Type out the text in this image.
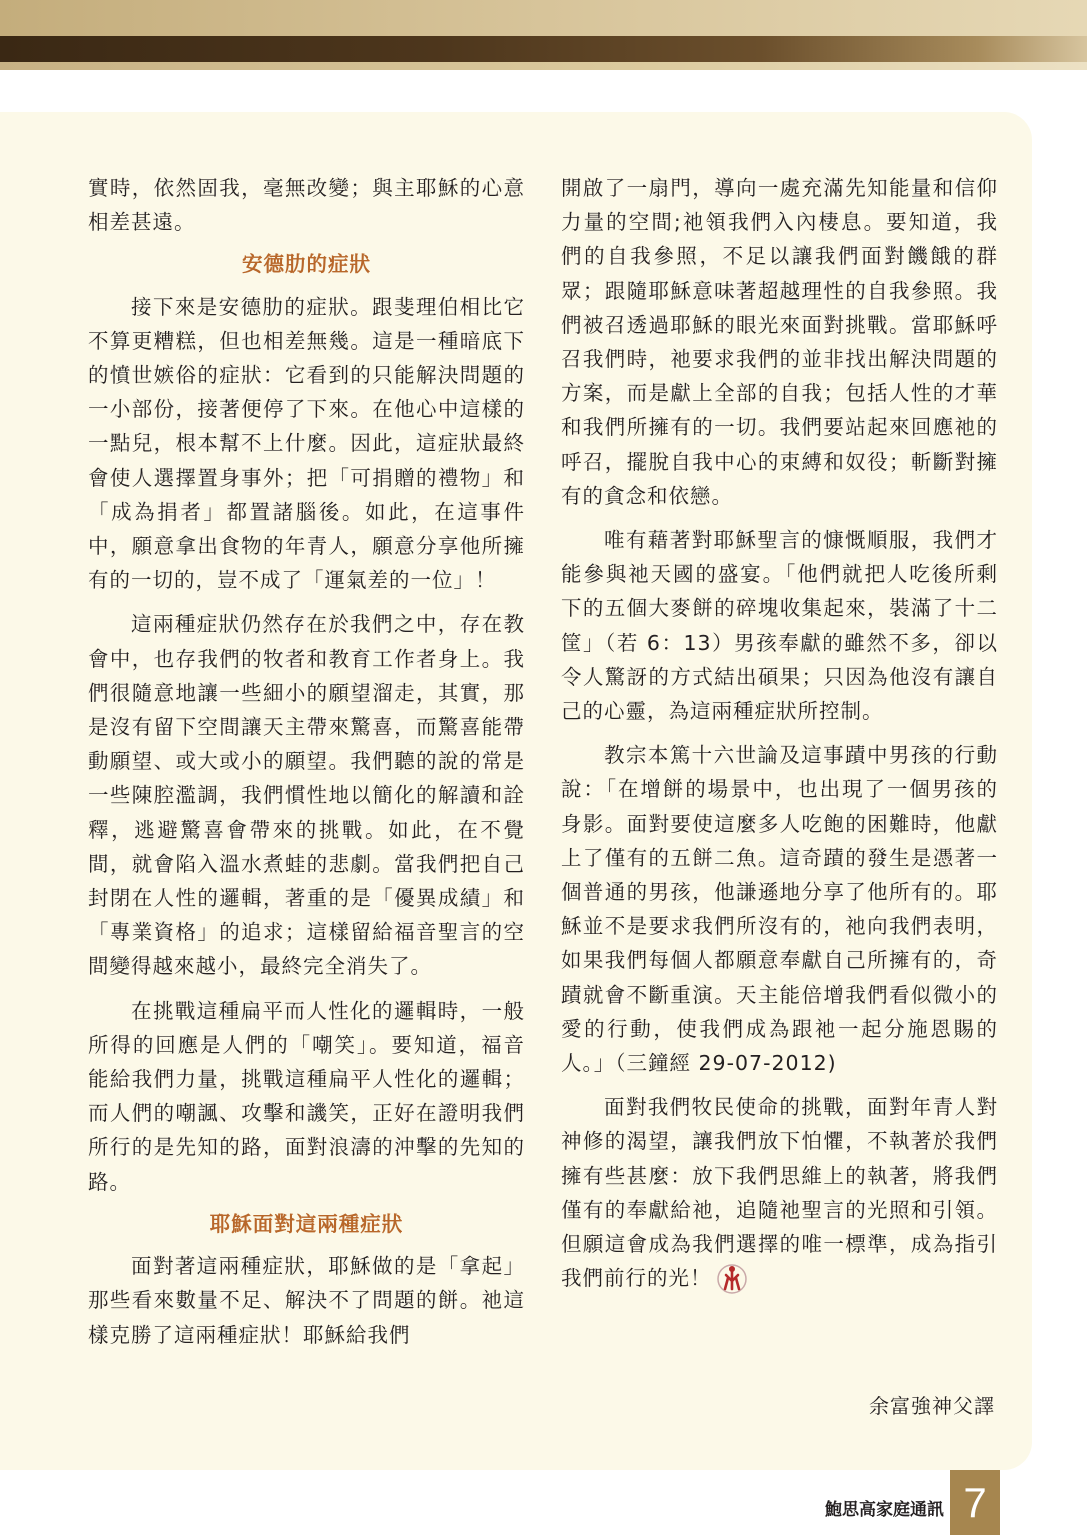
實時，依然固我，毫無改變；與主耶穌的心意相差甚遠。

安德肋的症狀

接下來是安德肋的症狀。跟斐理伯相比它不算更糟糕，但也相差無幾。這是一種暗底下的憤世嫉俗的症狀：它看到的只能解決問題的一小部份，接著便停了下來。在他心中這樣的一點兒，根本幫不上什麼。因此，這症狀最終會使人選擇置身事外；把「可捐贈的禮物」和「成為捐者」都置諸腦後。如此，在這事件中，願意拿出食物的年青人，願意分享他所擁有的一切的，豈不成了「運氣差的一位」！

這兩種症狀仍然存在於我們之中，存在教會中，也存我們的牧者和教育工作者身上。我們很隨意地讓一些細小的願望溜走，其實，那是沒有留下空間讓天主帶來驚喜，而驚喜能帶動願望、或大或小的願望。我們聽的說的常是一些陳腔濫調，我們慣性地以簡化的解讀和詮釋，逃避驚喜會帶來的挑戰。如此，在不覺間，就會陷入溫水煮蛙的悲劇。當我們把自己封閉在人性的邏輯，著重的是「優異成績」和「專業資格」的追求；這樣留給福音聖言的空間變得越來越小，最終完全消失了。

在挑戰這種扁平而人性化的邏輯時，一般所得的回應是人們的「嘲笑」。要知道，福音能給我們力量，挑戰這種扁平人性化的邏輯；而人們的嘲諷、攻擊和譏笑，正好在證明我們所行的是先知的路，面對浪濤的沖擊的先知的路。

耶穌面對這兩種症狀

面對著這兩種症狀，耶穌做的是「拿起」那些看來數量不足、解決不了問題的餅。祂這樣克勝了這兩種症狀！耶穌給我們

開啟了一扇門，導向一處充滿先知能量和信仰力量的空間;祂領我們入內棲息。要知道，我們的自我參照，不足以讓我們面對饑餓的群眾；跟隨耶穌意味著超越理性的自我參照。我們被召透過耶穌的眼光來面對挑戰。當耶穌呼召我們時，祂要求我們的並非找出解決問題的方案，而是獻上全部的自我；包括人性的才華和我們所擁有的一切。我們要站起來回應祂的呼召，擺脫自我中心的束縛和奴役；斬斷對擁有的貪念和依戀。

唯有藉著對耶穌聖言的慷慨順服，我們才能參與祂天國的盛宴。「他們就把人吃後所剩下的五個大麥餅的碎塊收集起來，裝滿了十二筐」（若 6：13）男孩奉獻的雖然不多，卻以令人驚訝的方式結出碩果；只因為他沒有讓自己的心靈，為這兩種症狀所控制。

教宗本篤十六世論及這事蹟中男孩的行動說：「在增餅的場景中，也出現了一個男孩的身影。面對要使這麼多人吃飽的困難時，他獻上了僅有的五餅二魚。這奇蹟的發生是憑著一個普通的男孩，他謙遜地分享了他所有的。耶穌並不是要求我們所沒有的，祂向我們表明，如果我們每個人都願意奉獻自己所擁有的，奇蹟就會不斷重演。天主能倍增我們看似微小的愛的行動，使我們成為跟祂一起分施恩賜的人。」（三鐘經 29-07-2012)

面對我們牧民使命的挑戰，面對年青人對神修的渴望，讓我們放下怕懼，不執著於我們擁有些甚麼：放下我們思維上的執著，將我們僅有的奉獻給祂，追隨祂聖言的光照和引領。但願這會成為我們選擇的唯一標準，成為指引我們前行的光！

余富強神父譯
鮑思高家庭通訊 7
